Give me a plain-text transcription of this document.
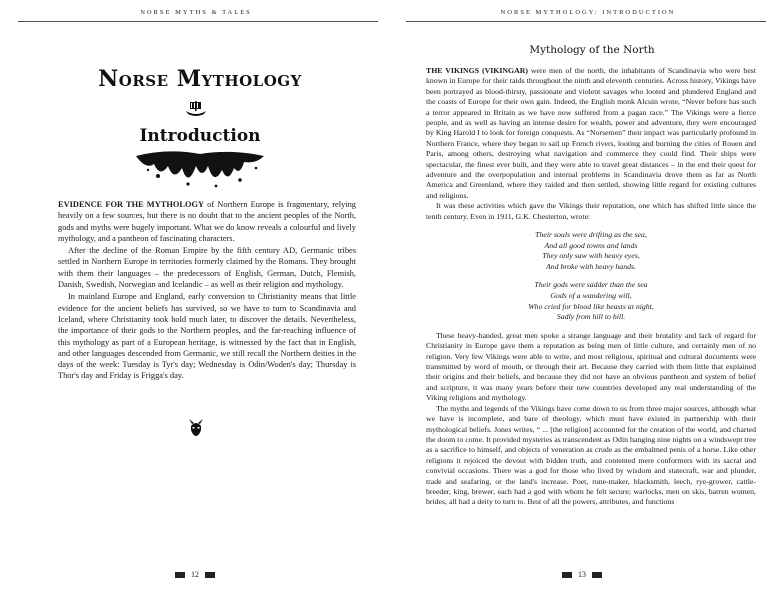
NORSE MYTHS & TALES
Norse Mythology
Introduction

EVIDENCE FOR THE MYTHOLOGY of Northern Europe is fragmentary, relying heavily on a few sources, but there is no doubt that to the ancient peoples of the North, gods and myths were hugely important. What we do know reveals a colourful and lively mythology, and a pantheon of fascinating characters.

After the decline of the Roman Empire by the fifth century AD, Germanic tribes settled in Northern Europe in territories formerly claimed by the Romans. They brought with them their languages – the predecessors of English, German, Dutch, Flemish, Danish, Swedish, Norwegian and Icelandic – as well as their religion and mythology.

In mainland Europe and England, early conversion to Christianity means that little evidence for the ancient beliefs has survived, so we have to turn to Scandinavia and Iceland, where Christianity took hold much later, to discover the details. Nevertheless, the importance of their gods to the Northern peoples, and the far-reaching influence of this mythology as part of a European heritage, is witnessed by the fact that in English, and other languages descended from Germanic, we still recall the Northern deities in the days of the week: Tuesday is Tyr's day; Wednesday is Odin/Woden's day; Thursday is Thor's day and Friday is Frigga's day.

12
NORSE MYTHOLOGY: INTRODUCTION
Mythology of the North

THE VIKINGS (VIKINGAR) were men of the north, the inhabitants of Scandinavia who were best known in Europe for their raids throughout the ninth and eleventh centuries. Across history, Vikings have been portrayed as blood-thirsty, passionate and violent savages who looted and plundered England and the coasts of Europe for their own gain. Indeed, the English monk Alcuin wrote, “Never before has such a terror appeared in Britain as we have now suffered from a pagan race.” The Vikings were a fierce people, and as well as having an intense desire for wealth, power and adventure, they were encouraged by King Harold I to look for foreign conquests. As “Norsemen” their impact was particularly profound in Northern France, where they began to sail up French rivers, looting and burning the cities of Rouen and Paris, among others, destroying what navigation and commerce they could find. Their ships were spectacular, the finest ever built, and they were able to travel great distances – in the end their quest for adventure and the overpopulation and internal problems in Scandinavia drove them as far as North America and Greenland, where they raided and then settled, showing little regard for existing cultures and religions.

It was these activities which gave the Vikings their reputation, one which has shifted little since the tenth century. Even in 1911, G.K. Chesterton, wrote:

Their souls were drifting as the sea,
And all good towns and lands
They only saw with heavy eyes,
And broke with heavy hands.
Their gods were sadder than the sea
Gods of a wandering will,
Who cried for blood like beasts at night,
Sadly from hill to hill.

These heavy-handed, great men spoke a strange language and their brutality and lack of regard for Christianity in Europe gave them a reputation as being men of little culture, and certainly men of no religion. Very few Vikings were able to write, and most religious, spiritual and cultural documents were transmitted by word of mouth, or through their art. Because they carried with them little that explained their origins and their beliefs, and because they did not have an obvious pantheon and system of belief and scripture, it was many years before their new countries developed any real understanding of the Viking religions and mythology.

The myths and legends of the Vikings have come down to us from three major sources, although what we have is incomplete, and bare of theology, which must have existed in partnership with their mythological beliefs. Jones writes, “ ... [the religion] accounted for the creation of the world, and charted the doom to come. It provided mysteries as transcendent as Odin hanging nine nights on a windswept tree as a sacrifice to himself, and objects of veneration as crude as the embalmed penis of a horse. Like other religions it rejoiced the devout with bidden truth, and contented mere conformers with its sacral and convivial occasions. There was a god for those who lived by wisdom and statecraft, war and plunder, trade and seafaring, or the land's increase. Poet, rune-maker, blacksmith, leech, rye-grower, cattle-breeder, king, brewer, each had a god with whom he felt secure; warlocks, men on skis, barren women, brides, all had a deity to turn to. Best of all the powers, attributes, and functions

13
